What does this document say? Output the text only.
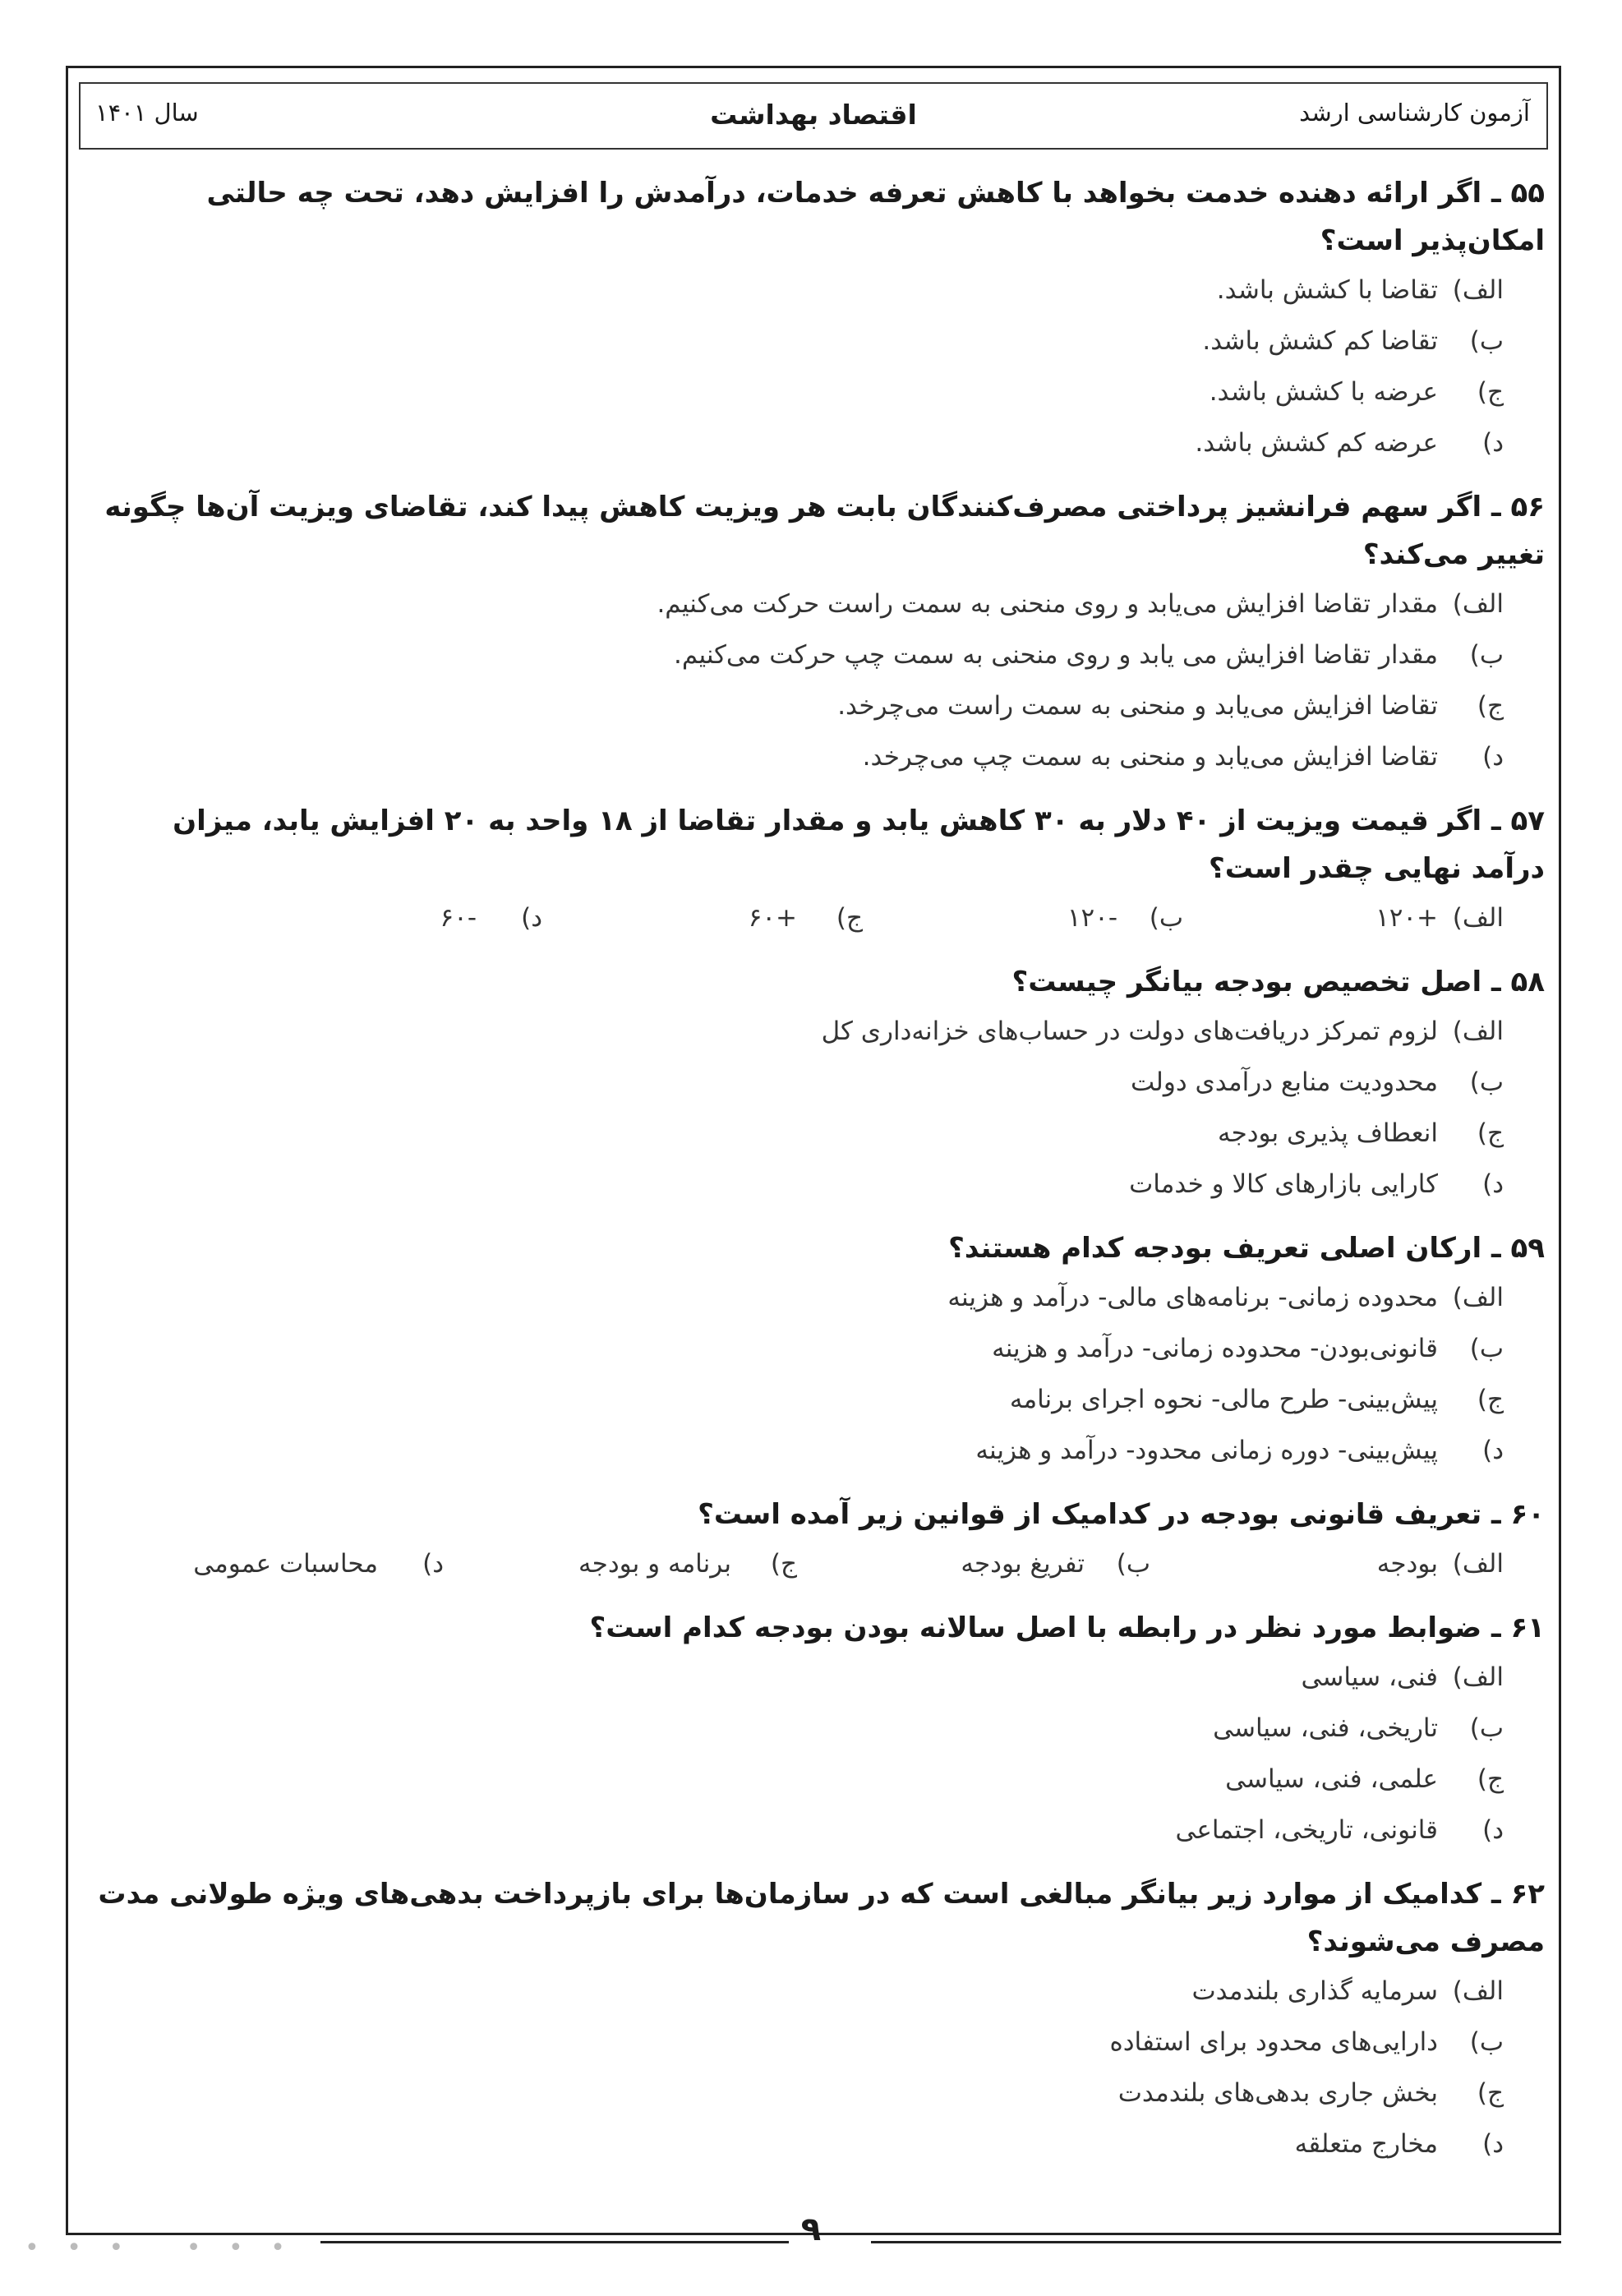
آزمون کارشناسی ارشد
اقتصاد بهداشت
سال ۱۴۰۱
۵۵ ـ اگر ارائه دهنده خدمت بخواهد با کاهش تعرفه خدمات، درآمدش را افزایش دهد، تحت چه حالتی امکان‌پذیر است؟
الف)تقاضا با کشش باشد.
ب)تقاضا کم کشش باشد.
ج)عرضه با کشش باشد.
د)عرضه کم کشش باشد.
۵۶ ـ اگر سهم فرانشیز پرداختی مصرف‌کنندگان بابت هر ویزیت کاهش پیدا کند، تقاضای ویزیت آن‌ها چگونه تغییر می‌کند؟
الف)مقدار تقاضا افزایش می‌یابد و روی منحنی به سمت راست حرکت می‌کنیم.
ب)مقدار تقاضا افزایش می یابد و روی منحنی به سمت چپ حرکت می‌کنیم.
ج)تقاضا افزایش می‌یابد و منحنی به سمت راست می‌چرخد.
د)تقاضا افزایش می‌یابد و منحنی به سمت چپ می‌چرخد.
۵۷ ـ اگر قیمت ویزیت از ۴۰ دلار به ۳۰ کاهش یابد و مقدار تقاضا از ۱۸ واحد به ۲۰ افزایش یابد، میزان درآمد نهایی چقدر است؟
الف)+۱۲۰
ب)-۱۲۰
ج)+۶۰
د)-۶۰
۵۸ ـ اصل تخصیص بودجه بیانگر چیست؟
الف)لزوم تمرکز دریافت‌های دولت در حساب‌های خزانه‌داری کل
ب)محدودیت منابع درآمدی دولت
ج)انعطاف پذیری بودجه
د)کارایی بازارهای کالا و خدمات
۵۹ ـ ارکان اصلی تعریف بودجه کدام هستند؟
الف)محدوده زمانی- برنامه‌های مالی- درآمد و هزینه
ب)قانونی‌بودن- محدوده زمانی- درآمد و هزینه
ج)پیش‌بینی- طرح مالی- نحوه اجرای برنامه
د)پیش‌بینی- دوره زمانی محدود- درآمد و هزینه
۶۰ ـ تعریف قانونی بودجه در کدامیک از قوانین زیر آمده است؟
الف)بودجه
ب)تفریغ بودجه
ج)برنامه و بودجه
د)محاسبات عمومی
۶۱ ـ ضوابط مورد نظر در رابطه با اصل سالانه بودن بودجه کدام است؟
الف)فنی، سیاسی
ب)تاریخی، فنی، سیاسی
ج)علمی، فنی، سیاسی
د)قانونی، تاریخی، اجتماعی
۶۲ ـ کدامیک از موارد زیر بیانگر مبالغی است که در سازمان‌ها برای بازپرداخت بدهی‌های ویژه طولانی مدت مصرف می‌شوند؟
الف)سرمایه گذاری بلندمدت
ب)دارایی‌های محدود برای استفاده
ج)بخش جاری بدهی‌های بلندمدت
د)مخارج متعلقه
۹
• • •   • • •
